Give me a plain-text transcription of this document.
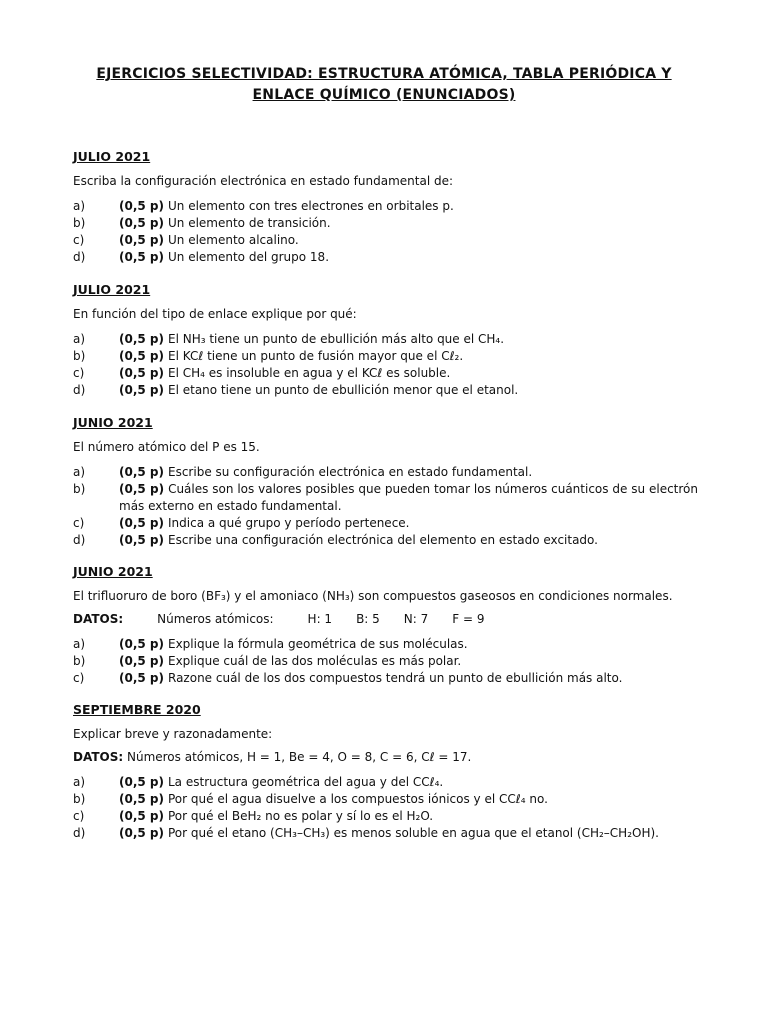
EJERCICIOS SELECTIVIDAD: ESTRUCTURA ATÓMICA, TABLA PERIÓDICA Y
ENLACE QUÍMICO (ENUNCIADOS)
JULIO 2021
Escriba la configuración electrónica en estado fundamental de:
a)	(0,5 p) Un elemento con tres electrones en orbitales p.
b)	(0,5 p) Un elemento de transición.
c)	(0,5 p) Un elemento alcalino.
d)	(0,5 p) Un elemento del grupo 18.
JULIO 2021
En función del tipo de enlace explique por qué:
a)	(0,5 p) El NH₃ tiene un punto de ebullición más alto que el CH₄.
b)	(0,5 p) El KCℓ tiene un punto de fusión mayor que el Cℓ₂.
c)	(0,5 p) El CH₄ es insoluble en agua y el KCℓ es soluble.
d)	(0,5 p) El etano tiene un punto de ebullición menor que el etanol.
JUNIO 2021
El número atómico del P es 15.
a)	(0,5 p) Escribe su configuración electrónica en estado fundamental.
b)	(0,5 p) Cuáles son los valores posibles que pueden tomar los números cuánticos de su electrón más externo en estado fundamental.
c)	(0,5 p) Indica a qué grupo y período pertenece.
d)	(0,5 p) Escribe una configuración electrónica del elemento en estado excitado.
JUNIO 2021
El trifluoruro de boro (BF₃) y el amoniaco (NH₃) son compuestos gaseosos en condiciones normales.
DATOS:	Números atómicos:	H: 1 B: 5 N: 7 F = 9
a)	(0,5 p) Explique la fórmula geométrica de sus moléculas.
b)	(0,5 p) Explique cuál de las dos moléculas es más polar.
c)	(0,5 p) Razone cuál de los dos compuestos tendrá un punto de ebullición más alto.
SEPTIEMBRE 2020
Explicar breve y razonadamente:
DATOS: Números atómicos, H = 1, Be = 4, O = 8, C = 6, Cℓ = 17.
a)	(0,5 p) La estructura geométrica del agua y del CCℓ₄.
b)	(0,5 p) Por qué el agua disuelve a los compuestos iónicos y el CCℓ₄ no.
c)	(0,5 p) Por qué el BeH₂ no es polar y sí lo es el H₂O.
d)	(0,5 p) Por qué el etano (CH₃–CH₃) es menos soluble en agua que el etanol (CH₂–CH₂OH).
